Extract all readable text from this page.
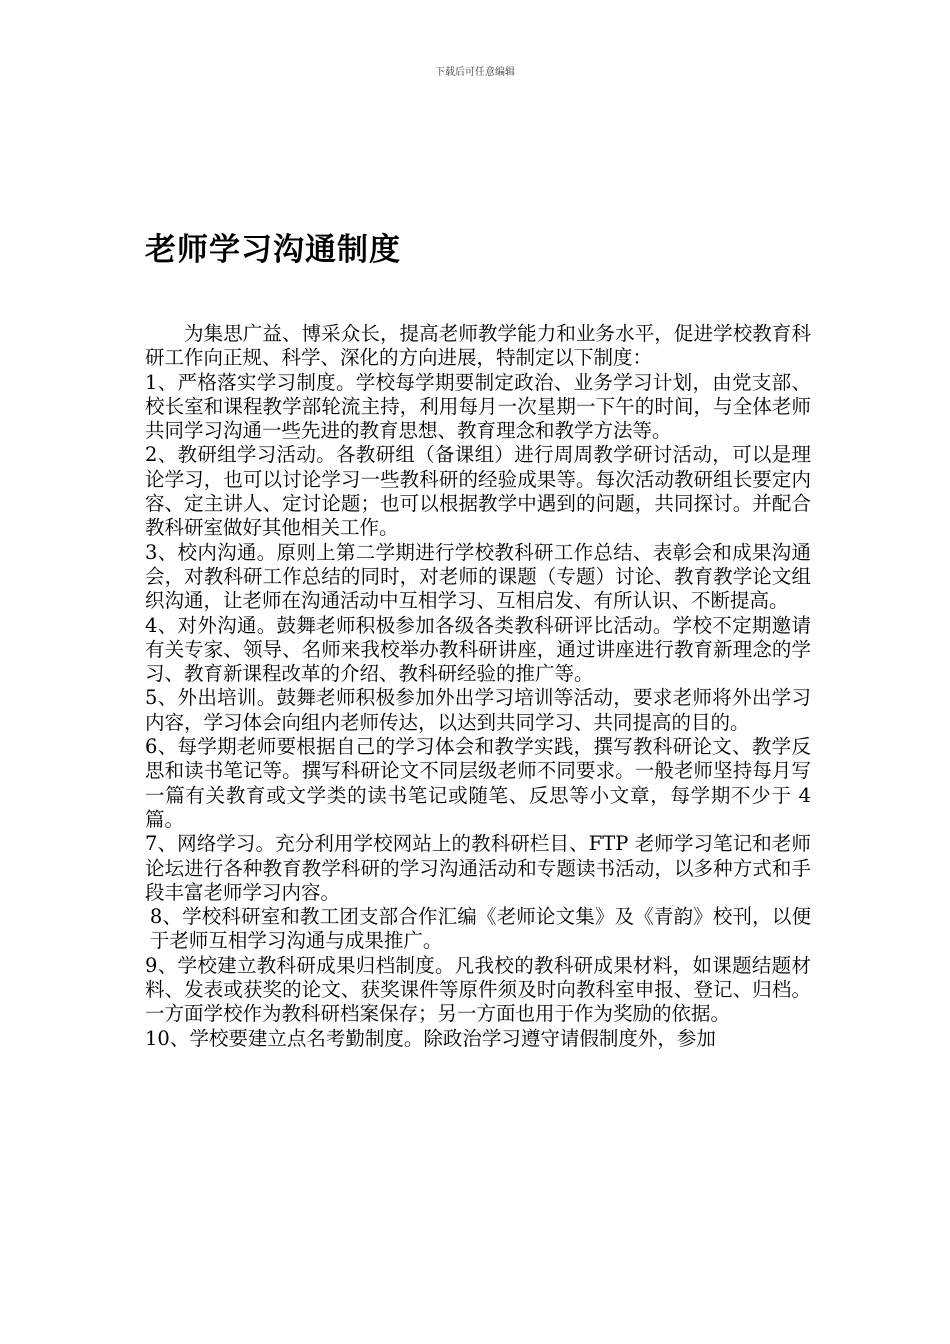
下载后可任意编辑
老师学习沟通制度

为集思广益、博采众长，提高老师教学能力和业务水平，促进学校教育科研工作向正规、科学、深化的方向进展，特制定以下制度：

1、严格落实学习制度。学校每学期要制定政治、业务学习计划，由党支部、校长室和课程教学部轮流主持，利用每月一次星期一下午的时间，与全体老师共同学习沟通一些先进的教育思想、教育理念和教学方法等。

2、教研组学习活动。各教研组（备课组）进行周周教学研讨活动，可以是理论学习，也可以讨论学习一些教科研的经验成果等。每次活动教研组长要定内容、定主讲人、定讨论题；也可以根据教学中遇到的问题，共同探讨。并配合教科研室做好其他相关工作。

3、校内沟通。原则上第二学期进行学校教科研工作总结、表彰会和成果沟通会，对教科研工作总结的同时，对老师的课题（专题）讨论、教育教学论文组织沟通，让老师在沟通活动中互相学习、互相启发、有所认识、不断提高。

4、对外沟通。鼓舞老师积极参加各级各类教科研评比活动。学校不定期邀请有关专家、领导、名师来我校举办教科研讲座，通过讲座进行教育新理念的学习、教育新课程改革的介绍、教科研经验的推广等。

5、外出培训。鼓舞老师积极参加外出学习培训等活动，要求老师将外出学习内容，学习体会向组内老师传达，以达到共同学习、共同提高的目的。

6、每学期老师要根据自己的学习体会和教学实践，撰写教科研论文、教学反思和读书笔记等。撰写科研论文不同层级老师不同要求。一般老师坚持每月写一篇有关教育或文学类的读书笔记或随笔、反思等小文章，每学期不少于 4 篇。

7、网络学习。充分利用学校网站上的教科研栏目、FTP 老师学习笔记和老师论坛进行各种教育教学科研的学习沟通活动和专题读书活动，以多种方式和手段丰富老师学习内容。

8、学校科研室和教工团支部合作汇编《老师论文集》及《青韵》校刊，以便于老师互相学习沟通与成果推广。

9、学校建立教科研成果归档制度。凡我校的教科研成果材料，如课题结题材料、发表或获奖的论文、获奖课件等原件须及时向教科室申报、登记、归档。一方面学校作为教科研档案保存；另一方面也用于作为奖励的依据。

10、学校要建立点名考勤制度。除政治学习遵守请假制度外，参加
